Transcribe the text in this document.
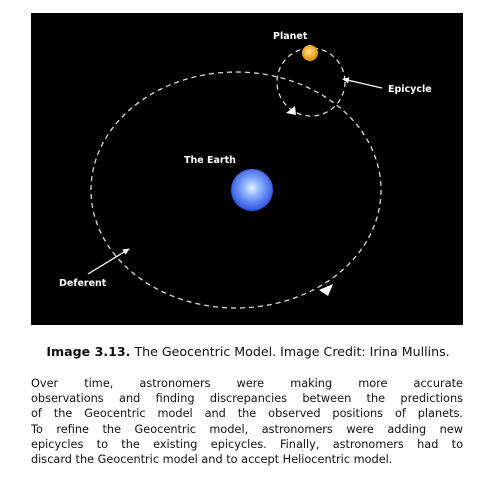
Planet
Epicycle
The Earth
Deferent
Image 3.13. The Geocentric Model. Image Credit: Irina Mullins.

Over time, astronomers were making more accurate
observations and finding discrepancies between the predictions
of the Geocentric model and the observed positions of planets.
To refine the Geocentric model, astronomers were adding new
epicycles to the existing epicycles. Finally, astronomers had to
discard the Geocentric model and to accept Heliocentric model.
